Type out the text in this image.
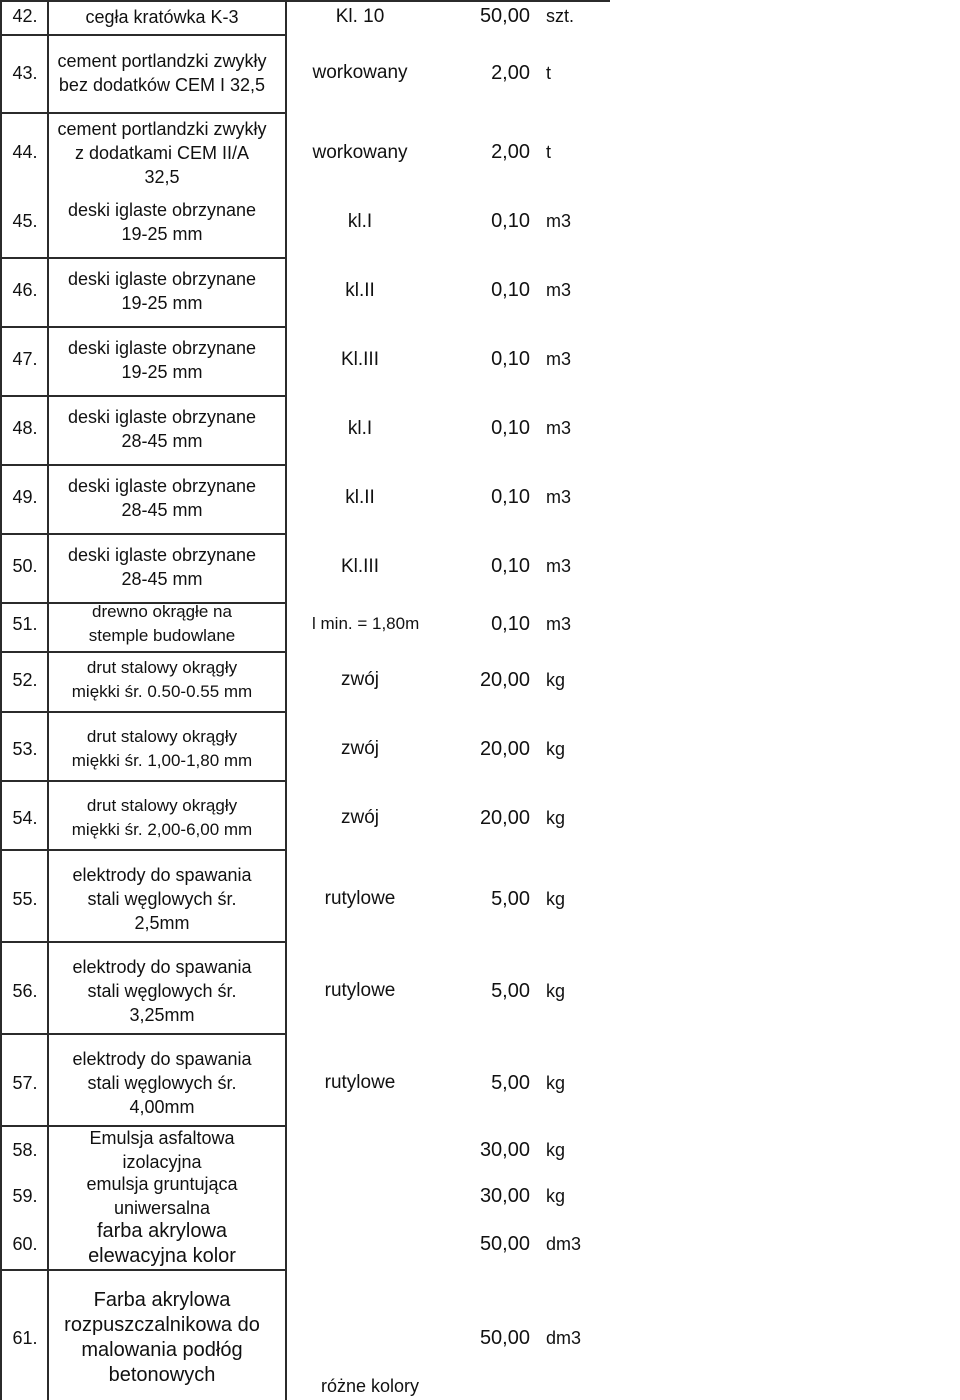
42.	cegła kratówka K-3	Kl. 10	50,00 szt.
43.
cement portlandzki zwykły
bez dodatków CEM I 32,5
workowany	2,00 t
44.
cement portlandzki zwykły
z dodatkami CEM II/A
32,5
workowany	2,00 t
45.
deski iglaste obrzynane
19-25 mm
kl.I	0,10 m3
46.
deski iglaste obrzynane
19-25 mm
kl.II	0,10 m3
47.
deski iglaste obrzynane
19-25 mm
Kl.III	0,10 m3
48.
deski iglaste obrzynane
28-45 mm
kl.I	0,10 m3
49.
deski iglaste obrzynane
28-45 mm
kl.II	0,10 m3
50.
deski iglaste obrzynane
28-45 mm
Kl.III	0,10 m3
51.
drewno okrągłe na
stemple budowlane
l min. = 1,80m	0,10 m3
52.
drut stalowy okrągły
miękki śr. 0.50-0.55 mm
zwój	20,00 kg
53.
drut stalowy okrągły
miękki śr. 1,00-1,80 mm
zwój	20,00 kg
54.
drut stalowy okrągły
miękki śr. 2,00-6,00 mm
zwój	20,00 kg
55.
elektrody do spawania
stali węglowych śr.
2,5mm
rutylowe	5,00 kg
56.
elektrody do spawania
stali węglowych śr.
3,25mm
rutylowe	5,00 kg
57.
elektrody do spawania
stali węglowych śr.
4,00mm
rutylowe	5,00 kg
58.
Emulsja asfaltowa
izolacyjna
30,00 kg
59.
emulsja gruntująca
uniwersalna
30,00 kg
60.
farba akrylowa
elewacyjna kolor
50,00 dm3
61.
Farba akrylowa
rozpuszczalnikowa do
malowania podłóg
betonowych	różne kolory
50,00 dm3
